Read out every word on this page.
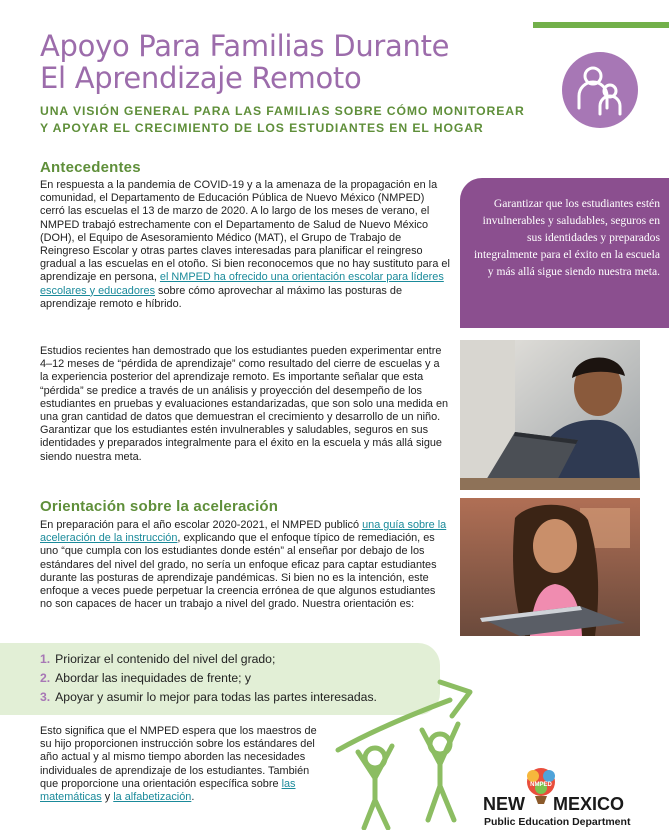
Apoyo Para Familias Durante
El Aprendizaje Remoto

UNA VISIÓN GENERAL PARA LAS FAMILIAS SOBRE CÓMO MONITOREAR
Y APOYAR EL CRECIMIENTO DE LOS ESTUDIANTES EN EL HOGAR

Antecedentes

En respuesta a la pandemia de COVID-19 y a la amenaza de la propagación en la comunidad, el Departamento de Educación Pública de Nuevo México (NMPED) cerró las escuelas el 13 de marzo de 2020. A lo largo de los meses de verano, el NMPED trabajó estrechamente con el Departamento de Salud de Nuevo México (DOH), el Equipo de Asesoramiento Médico (MAT), el Grupo de Trabajo de Reingreso Escolar y otras partes claves interesadas para planificar el reingreso gradual a las escuelas en el otoño. Si bien reconocemos que no hay sustituto para el aprendizaje en persona, el NMPED ha ofrecido una orientación escolar para líderes escolares y educadores sobre cómo aprovechar al máximo las posturas de aprendizaje remoto e híbrido.

Estudios recientes han demostrado que los estudiantes pueden experimentar entre 4–12 meses de “pérdida de aprendizaje” como resultado del cierre de escuelas y a la experiencia posterior del aprendizaje remoto. Es importante señalar que esta “pérdida” se predice a través de un análisis y proyección del desempeño de los estudiantes en pruebas y evaluaciones estandarizadas, que son solo una medida en una gran cantidad de datos que demuestran el crecimiento y desarrollo de un niño. Garantizar que los estudiantes estén invulnerables y saludables, seguros en sus identidades y preparados integralmente para el éxito en la escuela y más allá sigue siendo nuestra meta.

Garantizar que los estudiantes estén invulnerables y saludables, seguros en sus identidades y preparados integralmente para el éxito en la escuela y más allá sigue siendo nuestra meta.

Orientación sobre la aceleración

En preparación para el año escolar 2020-2021, el NMPED publicó una guía sobre la aceleración de la instrucción, explicando que el enfoque típico de remediación, es uno “que cumpla con los estudiantes donde estén” al enseñar por debajo de los estándares del nivel del grado, no sería un enfoque eficaz para captar estudiantes durante las posturas de aprendizaje pandémicas. Si bien no es la intención, este enfoque a veces puede perpetuar la creencia errónea de que algunos estudiantes no son capaces de hacer un trabajo a nivel del grado. Nuestra orientación es:

1. Priorizar el contenido del nivel del grado;
2. Abordar las inequidades de frente; y
3. Apoyar y asumir lo mejor para todas las partes interesadas.

Esto significa que el NMPED espera que los maestros de su hijo proporcionen instrucción sobre los estándares del año actual y al mismo tiempo aborden las necesidades individuales de aprendizaje de los estudiantes. También que proporcione una orientación específica sobre las matemáticas y la alfabetización.

NMPED
NEW MEXICO
Public Education Department
